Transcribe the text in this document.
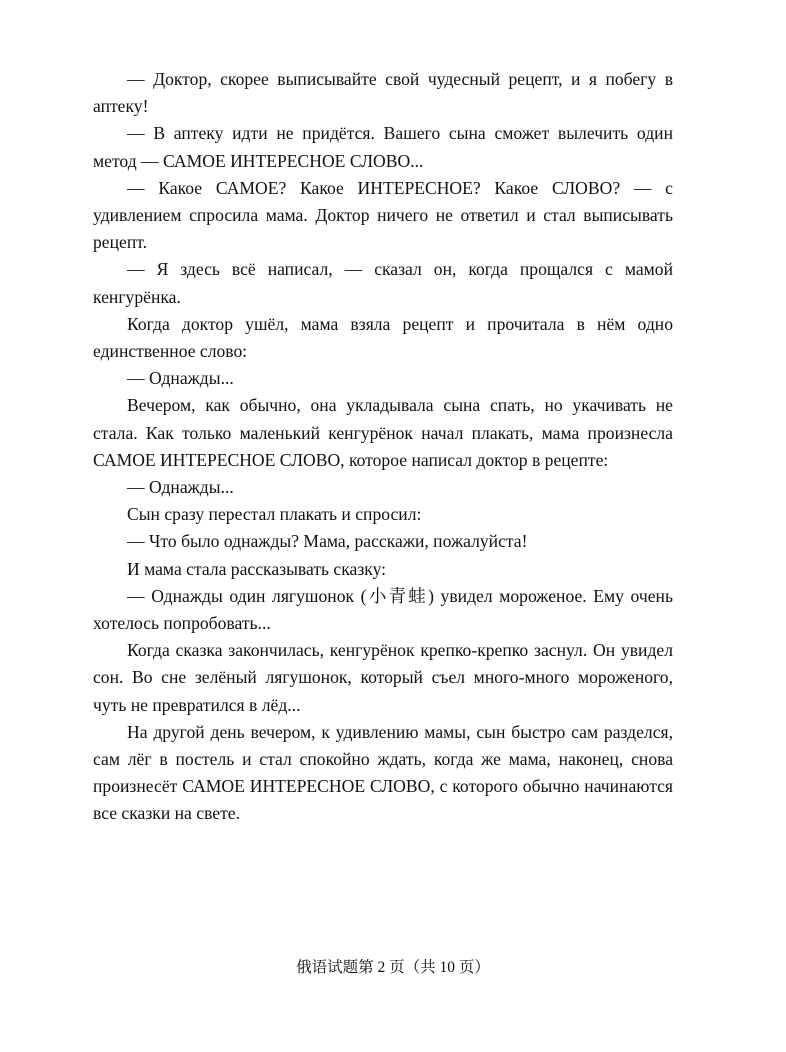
— Доктор, скорее выписывайте свой чудесный рецепт, и я побегу в аптеку!

— В аптеку идти не придётся. Вашего сына сможет вылечить один метод — САМОЕ ИНТЕРЕСНОЕ СЛОВО...

— Какое САМОЕ? Какое ИНТЕРЕСНОЕ? Какое СЛОВО? — с удивлением спросила мама. Доктор ничего не ответил и стал выписывать рецепт.

— Я здесь всё написал, — сказал он, когда прощался с мамой кенгурёнка.

Когда доктор ушёл, мама взяла рецепт и прочитала в нём одно единственное слово:

— Однажды...

Вечером, как обычно, она укладывала сына спать, но укачивать не стала. Как только маленький кенгурёнок начал плакать, мама произнесла САМОЕ ИНТЕРЕСНОЕ СЛОВО, которое написал доктор в рецепте:

— Однажды...

Сын сразу перестал плакать и спросил:

— Что было однажды? Мама, расскажи, пожалуйста!

И мама стала рассказывать сказку:

— Однажды один лягушонок (小青蛙) увидел мороженое. Ему очень хотелось попробовать...

Когда сказка закончилась, кенгурёнок крепко-крепко заснул. Он увидел сон. Во сне зелёный лягушонок, который съел много-много мороженого, чуть не превратился в лёд...

На другой день вечером, к удивлению мамы, сын быстро сам разделся, сам лёг в постель и стал спокойно ждать, когда же мама, наконец, снова произнесёт САМОЕ ИНТЕРЕСНОЕ СЛОВО, с которого обычно начинаются все сказки на свете.

俄语试题第 2 页（共 10 页）
